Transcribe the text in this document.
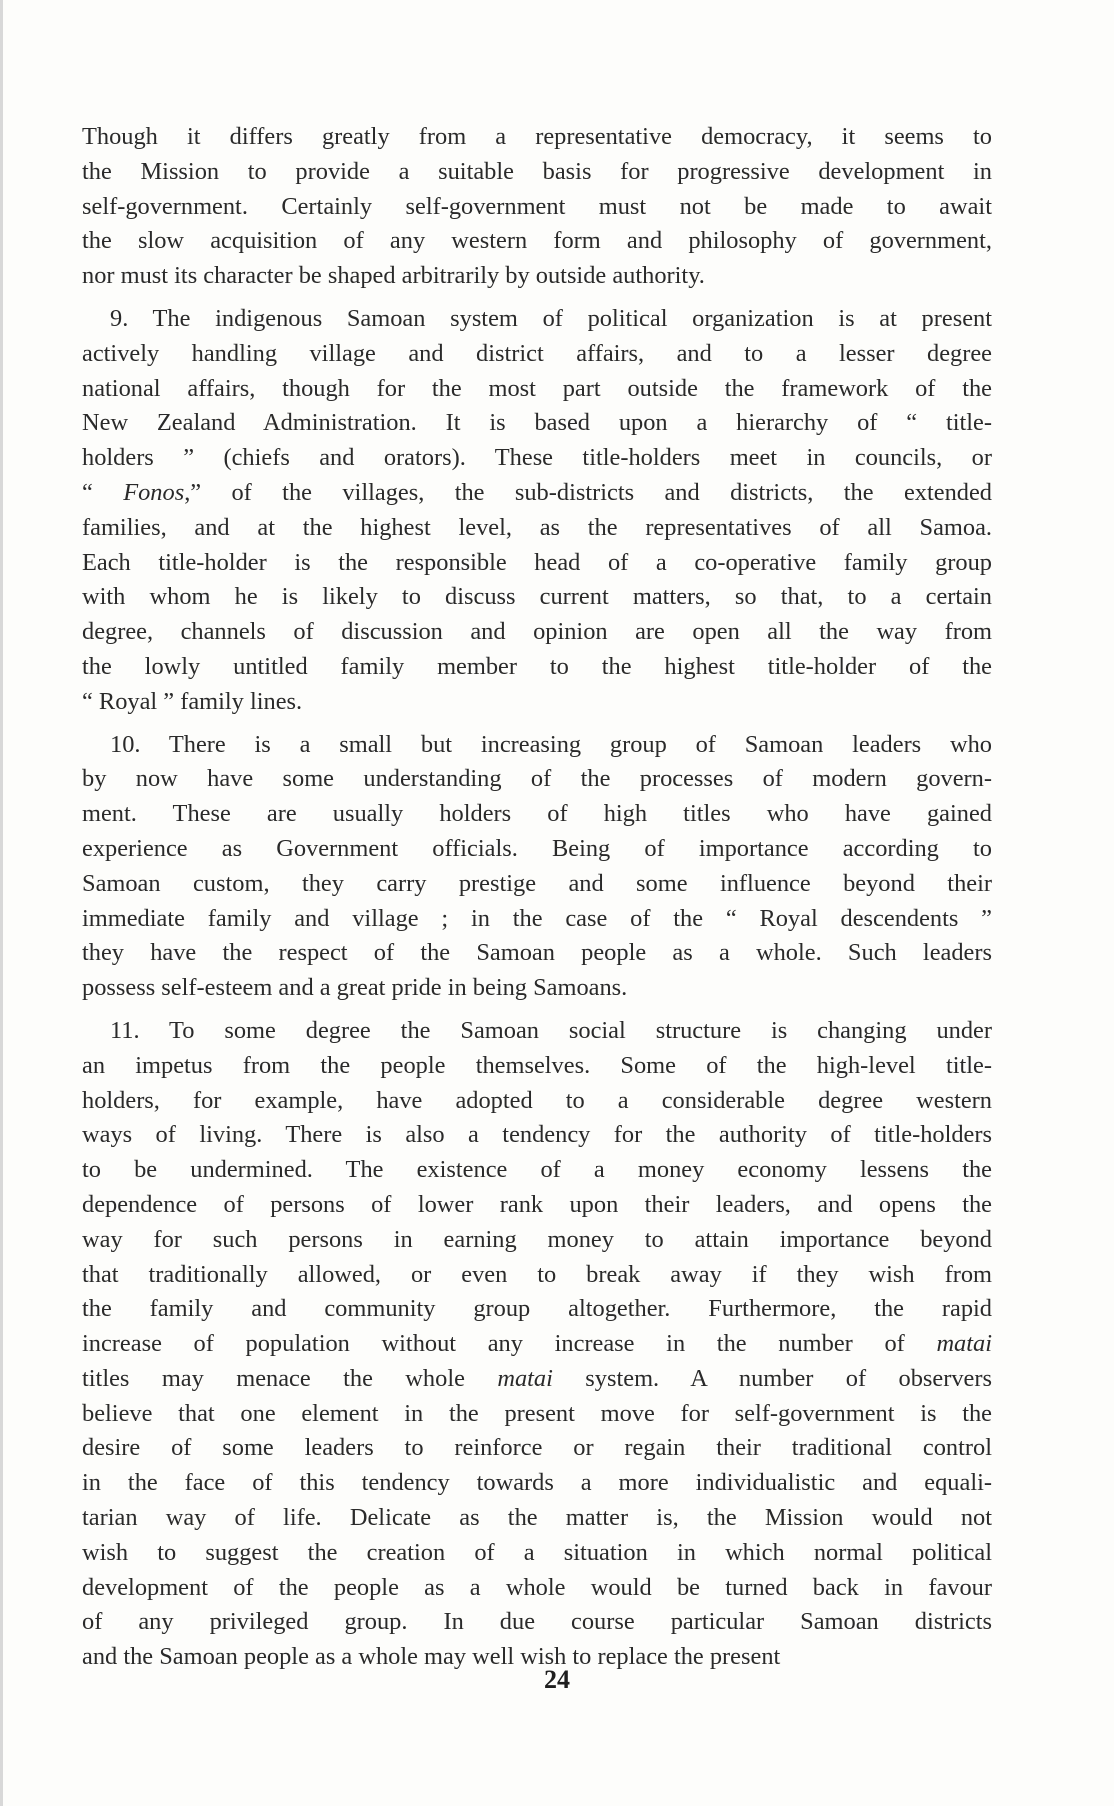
Though it differs greatly from a representative democracy, it seems to
the Mission to provide a suitable basis for progressive development in
self-government. Certainly self-government must not be made to await
the slow acquisition of any western form and philosophy of government,
nor must its character be shaped arbitrarily by outside authority.
9. The indigenous Samoan system of political organization is at present
actively handling village and district affairs, and to a lesser degree
national affairs, though for the most part outside the framework of the
New Zealand Administration. It is based upon a hierarchy of “ title-
holders ” (chiefs and orators). These title-holders meet in councils, or
“ Fonos,” of the villages, the sub-districts and districts, the extended
families, and at the highest level, as the representatives of all Samoa.
Each title-holder is the responsible head of a co-operative family group
with whom he is likely to discuss current matters, so that, to a certain
degree, channels of discussion and opinion are open all the way from
the lowly untitled family member to the highest title-holder of the
“ Royal ” family lines.
10. There is a small but increasing group of Samoan leaders who
by now have some understanding of the processes of modern govern-
ment. These are usually holders of high titles who have gained
experience as Government officials. Being of importance according to
Samoan custom, they carry prestige and some influence beyond their
immediate family and village ; in the case of the “ Royal descendents ”
they have the respect of the Samoan people as a whole. Such leaders
possess self-esteem and a great pride in being Samoans.
11. To some degree the Samoan social structure is changing under
an impetus from the people themselves. Some of the high-level title-
holders, for example, have adopted to a considerable degree western
ways of living. There is also a tendency for the authority of title-holders
to be undermined. The existence of a money economy lessens the
dependence of persons of lower rank upon their leaders, and opens the
way for such persons in earning money to attain importance beyond
that traditionally allowed, or even to break away if they wish from
the family and community group altogether. Furthermore, the rapid
increase of population without any increase in the number of matai
titles may menace the whole matai system. A number of observers
believe that one element in the present move for self-government is the
desire of some leaders to reinforce or regain their traditional control
in the face of this tendency towards a more individualistic and equali-
tarian way of life. Delicate as the matter is, the Mission would not
wish to suggest the creation of a situation in which normal political
development of the people as a whole would be turned back in favour
of any privileged group. In due course particular Samoan districts
and the Samoan people as a whole may well wish to replace the present
24
